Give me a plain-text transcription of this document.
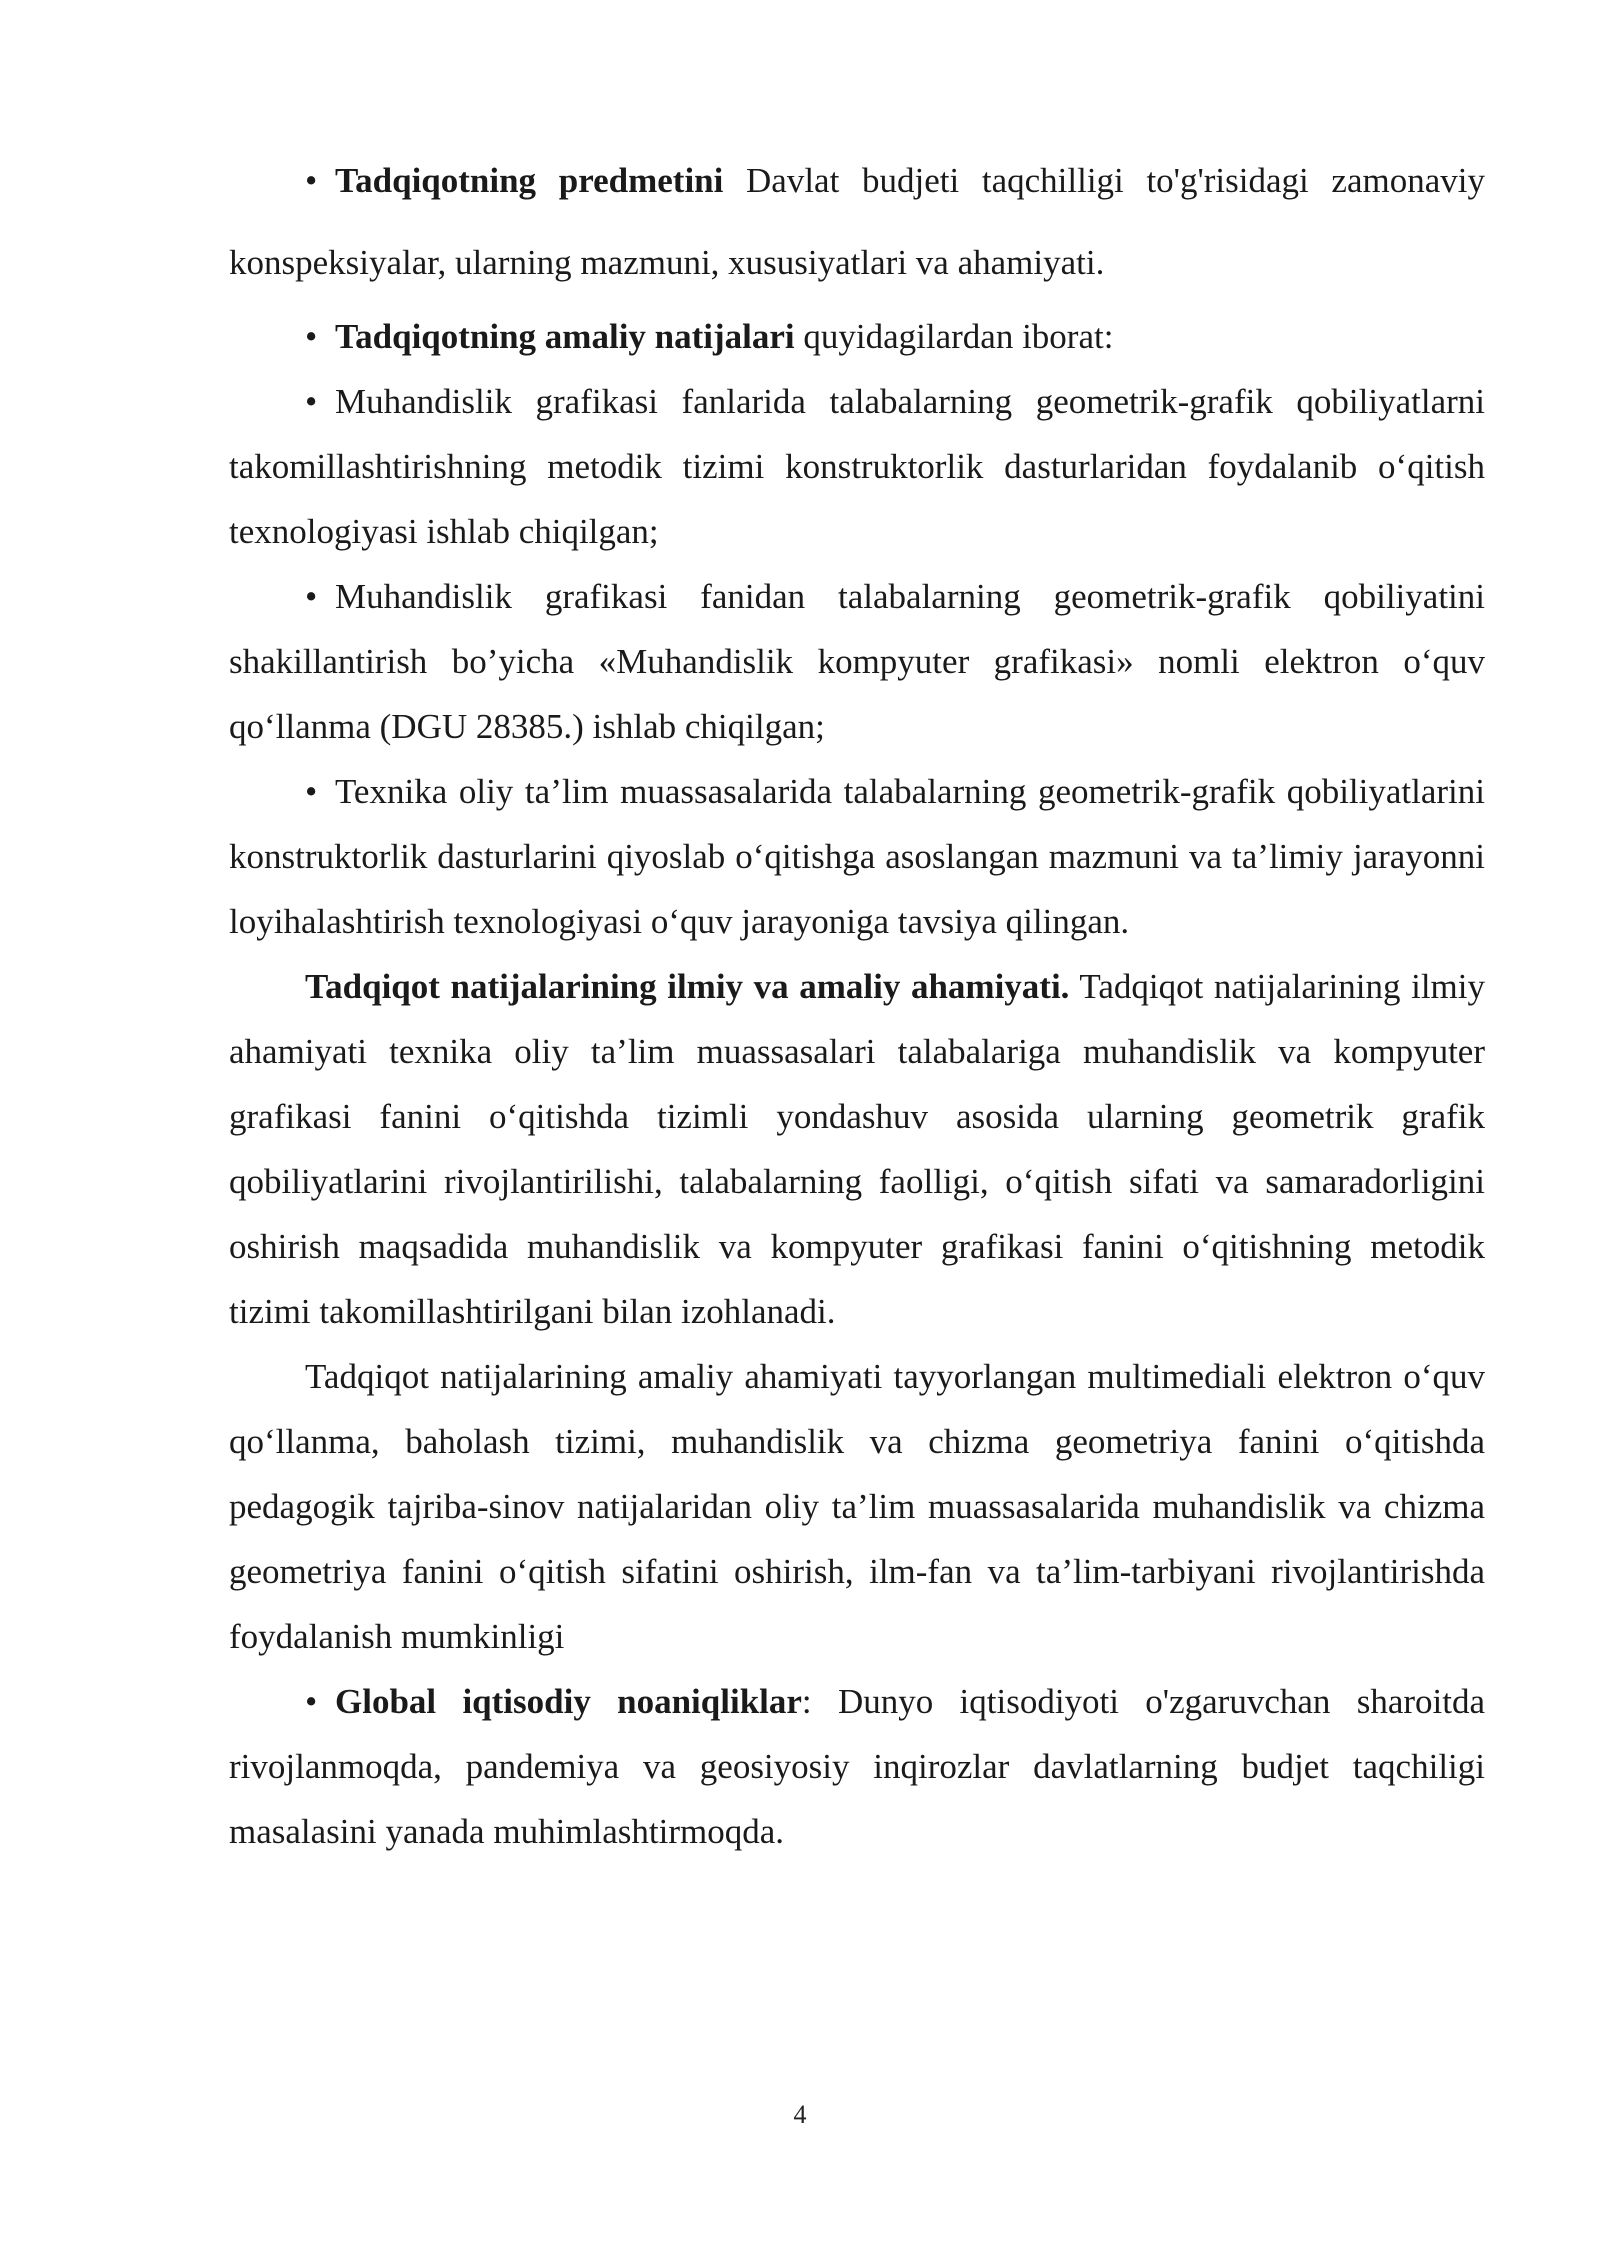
• Tadqiqotning predmetini Davlat budjeti taqchilligi to'g'risidagi zamonaviy konspeksiyalar, ularning mazmuni, xususiyatlari va ahamiyati.

• Tadqiqotning amaliy natijalari quyidagilardan iborat:

• Muhandislik grafikasi fanlarida talabalarning geometrik-grafik qobiliyatlarni takomillashtirishning metodik tizimi konstruktorlik dasturlaridan foydalanib o‘qitish texnologiyasi ishlab chiqilgan;

• Muhandislik grafikasi fanidan talabalarning geometrik-grafik qobiliyatini shakillantirish bo’yicha «Muhandislik kompyuter grafikasi» nomli elektron o‘quv qo‘llanma (DGU 28385.) ishlab chiqilgan;

• Texnika oliy ta’lim muassasalarida talabalarning geometrik-grafik qobiliyatlarini konstruktorlik dasturlarini qiyoslab o‘qitishga asoslangan mazmuni va ta’limiy jarayonni loyihalashtirish texnologiyasi o‘quv jarayoniga tavsiya qilingan.

Tadqiqot natijalarining ilmiy va amaliy ahamiyati. Tadqiqot natijalarining ilmiy ahamiyati texnika oliy ta’lim muassasalari talabalariga muhandislik va kompyuter grafikasi fanini o‘qitishda tizimli yondashuv asosida ularning geometrik grafik qobiliyatlarini rivojlantirilishi, talabalarning faolligi, o‘qitish sifati va samaradorligini oshirish maqsadida muhandislik va kompyuter grafikasi fanini o‘qitishning metodik tizimi takomillashtirilgani bilan izohlanadi.

Tadqiqot natijalarining amaliy ahamiyati tayyorlangan multimediali elektron o‘quv qo‘llanma, baholash tizimi, muhandislik va chizma geometriya fanini o‘qitishda pedagogik tajriba-sinov natijalaridan oliy ta’lim muassasalarida muhandislik va chizma geometriya fanini o‘qitish sifatini oshirish, ilm-fan va ta’lim-tarbiyani rivojlantirishda foydalanish mumkinligi

• Global iqtisodiy noaniqliklar: Dunyo iqtisodiyoti o'zgaruvchan sharoitda rivojlanmoqda, pandemiya va geosiyosiy inqirozlar davlatlarning budjet taqchiligi masalasini yanada muhimlashtirmoqda.

4
